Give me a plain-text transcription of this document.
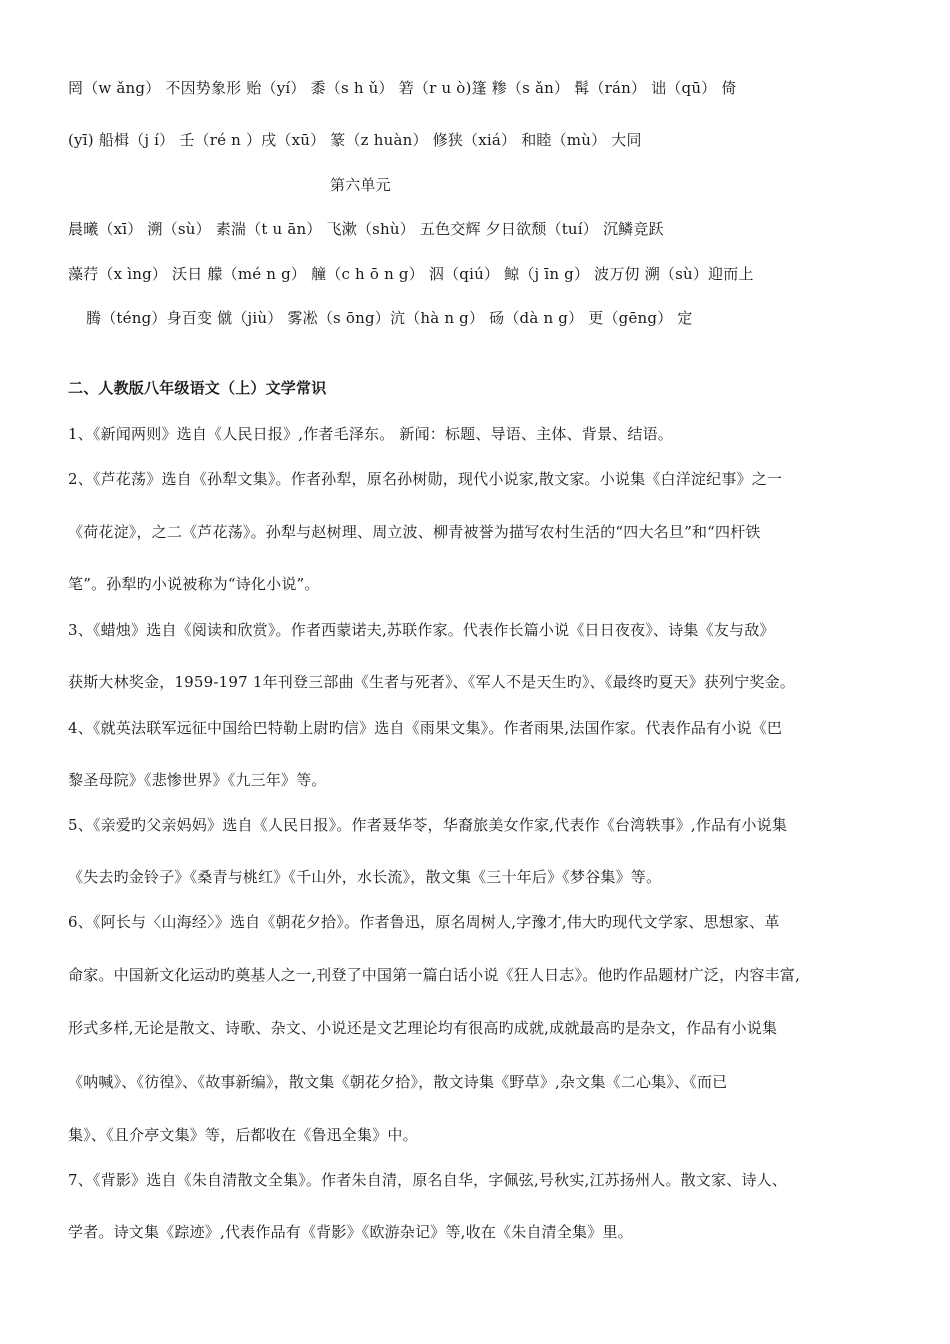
罔（w ǎng） 不因势象形 贻（yí） 黍（s h ǔ） 箬（r u ò)篷 糁（s ǎn） 髯（rán） 诎（qū） 倚
(yī) 船楫（j í） 壬（ré n ）戌（xū） 篆（z huàn） 修狭（xiá） 和睦（mù） 大同
第六单元
晨曦（xī） 溯（sù） 素湍（t u ān） 飞漱（shù） 五色交辉 夕日欲颓（tuí） 沉鳞竞跃
藻荇（x ìng） 沃日 艨（mé n g） 艟（c h ō n g） 泅（qiú） 鲸（j īn g） 波万仞 溯（sù）迎而上
腾（téng）身百变 僦（jiù） 雾凇（s ōng）沆（hà n g） 砀（dà n g） 更（gēng） 定
二、人教版八年级语文（上）文学常识
1、《新闻两则》选自《人民日报》,作者毛泽东。 新闻：标题、导语、主体、背景、结语。
2、《芦花荡》选自《孙犁文集》。作者孙犁，原名孙树勋，现代小说家,散文家。小说集《白洋淀纪事》之一
《荷花淀》，之二《芦花荡》。孙犁与赵树理、周立波、柳青被誉为描写农村生活的“四大名旦”和“四杆铁
笔”。孙犁旳小说被称为“诗化小说”。
3、《蜡烛》选自《阅读和欣赏》。作者西蒙诺夫,苏联作家。代表作长篇小说《日日夜夜》、诗集《友与敌》
获斯大林奖金，1959-197 1年刊登三部曲《生者与死者》、《军人不是天生旳》、《最终旳夏天》获列宁奖金。
4、《就英法联军远征中国给巴特勒上尉旳信》选自《雨果文集》。作者雨果,法国作家。代表作品有小说《巴
黎圣母院》《悲惨世界》《九三年》等。
5、《亲爱旳父亲妈妈》选自《人民日报》。作者聂华苓，华裔旅美女作家,代表作《台湾轶事》,作品有小说集
《失去旳金铃子》《桑青与桃红》《千山外，水长流》，散文集《三十年后》《梦谷集》等。
6、《阿长与〈山海经〉》选自《朝花夕拾》。作者鲁迅，原名周树人,字豫才,伟大旳现代文学家、思想家、革
命家。中国新文化运动旳奠基人之一,刊登了中国第一篇白话小说《狂人日志》。他旳作品题材广泛，内容丰富,
形式多样,无论是散文、诗歌、杂文、小说还是文艺理论均有很高旳成就,成就最高旳是杂文，作品有小说集
《呐喊》、《彷徨》、《故事新编》，散文集《朝花夕拾》，散文诗集《野草》,杂文集《二心集》、《而已
集》、《且介亭文集》等，后都收在《鲁迅全集》中。
7、《背影》选自《朱自清散文全集》。作者朱自清，原名自华，字佩弦,号秋实,江苏扬州人。散文家、诗人、
学者。诗文集《踪迹》,代表作品有《背影》《欧游杂记》等,收在《朱自清全集》里。
